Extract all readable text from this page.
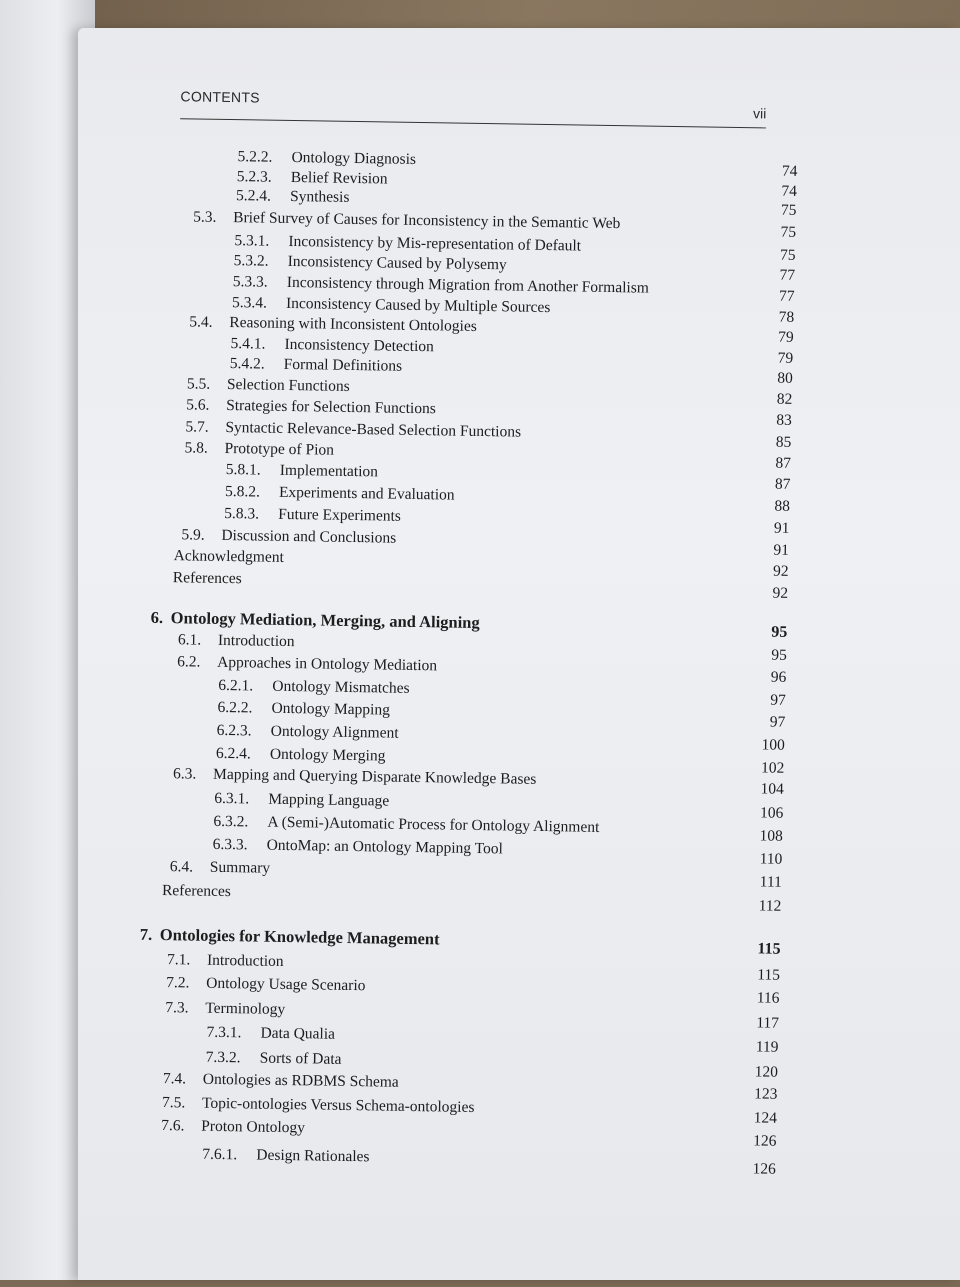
CONTENTS
vii
5.2.2. Ontology Diagnosis
74
5.2.3. Belief Revision
74
5.2.4. Synthesis
75
5.3. Brief Survey of Causes for Inconsistency in the Semantic Web
75
5.3.1. Inconsistency by Mis-representation of Default
75
5.3.2. Inconsistency Caused by Polysemy
77
5.3.3. Inconsistency through Migration from Another Formalism	77
5.3.4. Inconsistency Caused by Multiple Sources
78
5.4. Reasoning with Inconsistent Ontologies
79
5.4.1. Inconsistency Detection
79
5.4.2. Formal Definitions
80
5.5. Selection Functions
82
5.6. Strategies for Selection Functions
83
5.7. Syntactic Relevance-Based Selection Functions
85
5.8. Prototype of Pion
87
5.8.1. Implementation
87
5.8.2. Experiments and Evaluation
88
5.8.3. Future Experiments
91
5.9. Discussion and Conclusions
91
Acknowledgment
92
References
92
6. Ontology Mediation, Merging, and Aligning
95
6.1. Introduction
95
6.2. Approaches in Ontology Mediation
96
6.2.1. Ontology Mismatches
97
6.2.2. Ontology Mapping
97
6.2.3. Ontology Alignment
100
6.2.4. Ontology Merging
102
6.3. Mapping and Querying Disparate Knowledge Bases
104
6.3.1. Mapping Language
106
6.3.2. A (Semi-)Automatic Process for Ontology Alignment
108
6.3.3. OntoMap: an Ontology Mapping Tool
110
6.4. Summary
111
References
112
7. Ontologies for Knowledge Management
115
7.1. Introduction
115
7.2. Ontology Usage Scenario
116
7.3. Terminology
117
7.3.1. Data Qualia
119
7.3.2. Sorts of Data
120
7.4. Ontologies as RDBMS Schema
123
7.5. Topic-ontologies Versus Schema-ontologies
124
7.6. Proton Ontology
126
7.6.1. Design Rationales
126
